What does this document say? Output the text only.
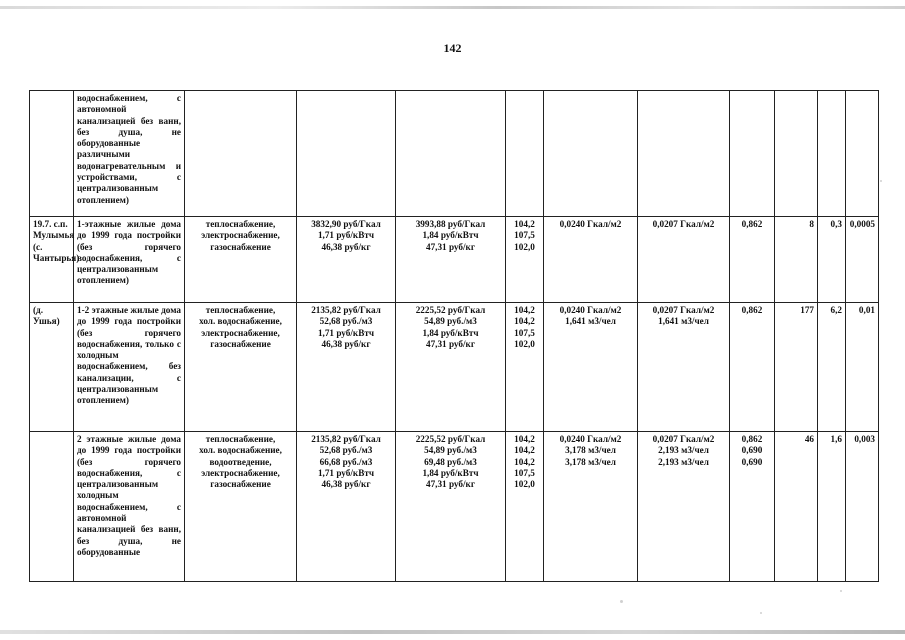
142
	водоснабжением, с автономной канализацией без ванн, без душа, не оборудованные различными водонагревательным и устройствами, с централизованным отоплением)										
19.7. с.п. Мулымья (с. Чантырья)	1-этажные жилые дома до 1999 года постройки (без горячего водоснабжения, с централизованным отоплением)	теплоснабжение,
электроснабжение,
газоснабжение	3832,90 руб/Гкал
1,71 руб/кВтч
46,38 руб/кг	3993,88 руб/Гкал
1,84 руб/кВтч
47,31 руб/кг	104,2
107,5
102,0	0,0240 Гкал/м2	0,0207 Гкал/м2	0,862	8	0,3	0,0005
(д. Ушья)	1-2 этажные жилые дома до 1999 года постройки (без горячего водоснабжения, только с холодным водоснабжением, без канализации, с централизованным отоплением)	теплоснабжение,
хол. водоснабжение,
электроснабжение,
газоснабжение	2135,82 руб/Гкал
52,68 руб./м3
1,71 руб/кВтч
46,38 руб/кг	2225,52 руб/Гкал
54,89 руб./м3
1,84 руб/кВтч
47,31 руб/кг	104,2
104,2
107,5
102,0	0,0240 Гкал/м2
1,641 м3/чел	0,0207 Гкал/м2
1,641 м3/чел	0,862	177	6,2	0,01
	2 этажные жилые дома до 1999 года постройки (без горячего водоснабжения, с централизованным холодным водоснабжением, с автономной канализацией без ванн, без душа, не оборудованные	теплоснабжение,
хол. водоснабжение,
водоотведение,
электроснабжение,
газоснабжение	2135,82 руб/Гкал
52,68 руб./м3
66,68 руб./м3
1,71 руб/кВтч
46,38 руб/кг	2225,52 руб/Гкал
54,89 руб./м3
69,48 руб./м3
1,84 руб/кВтч
47,31 руб/кг	104,2
104,2
104,2
107,5
102,0	0,0240 Гкал/м2
3,178 м3/чел
3,178 м3/чел	0,0207 Гкал/м2
2,193 м3/чел
2,193 м3/чел	0,862
0,690
0,690	46	1,6	0,003
